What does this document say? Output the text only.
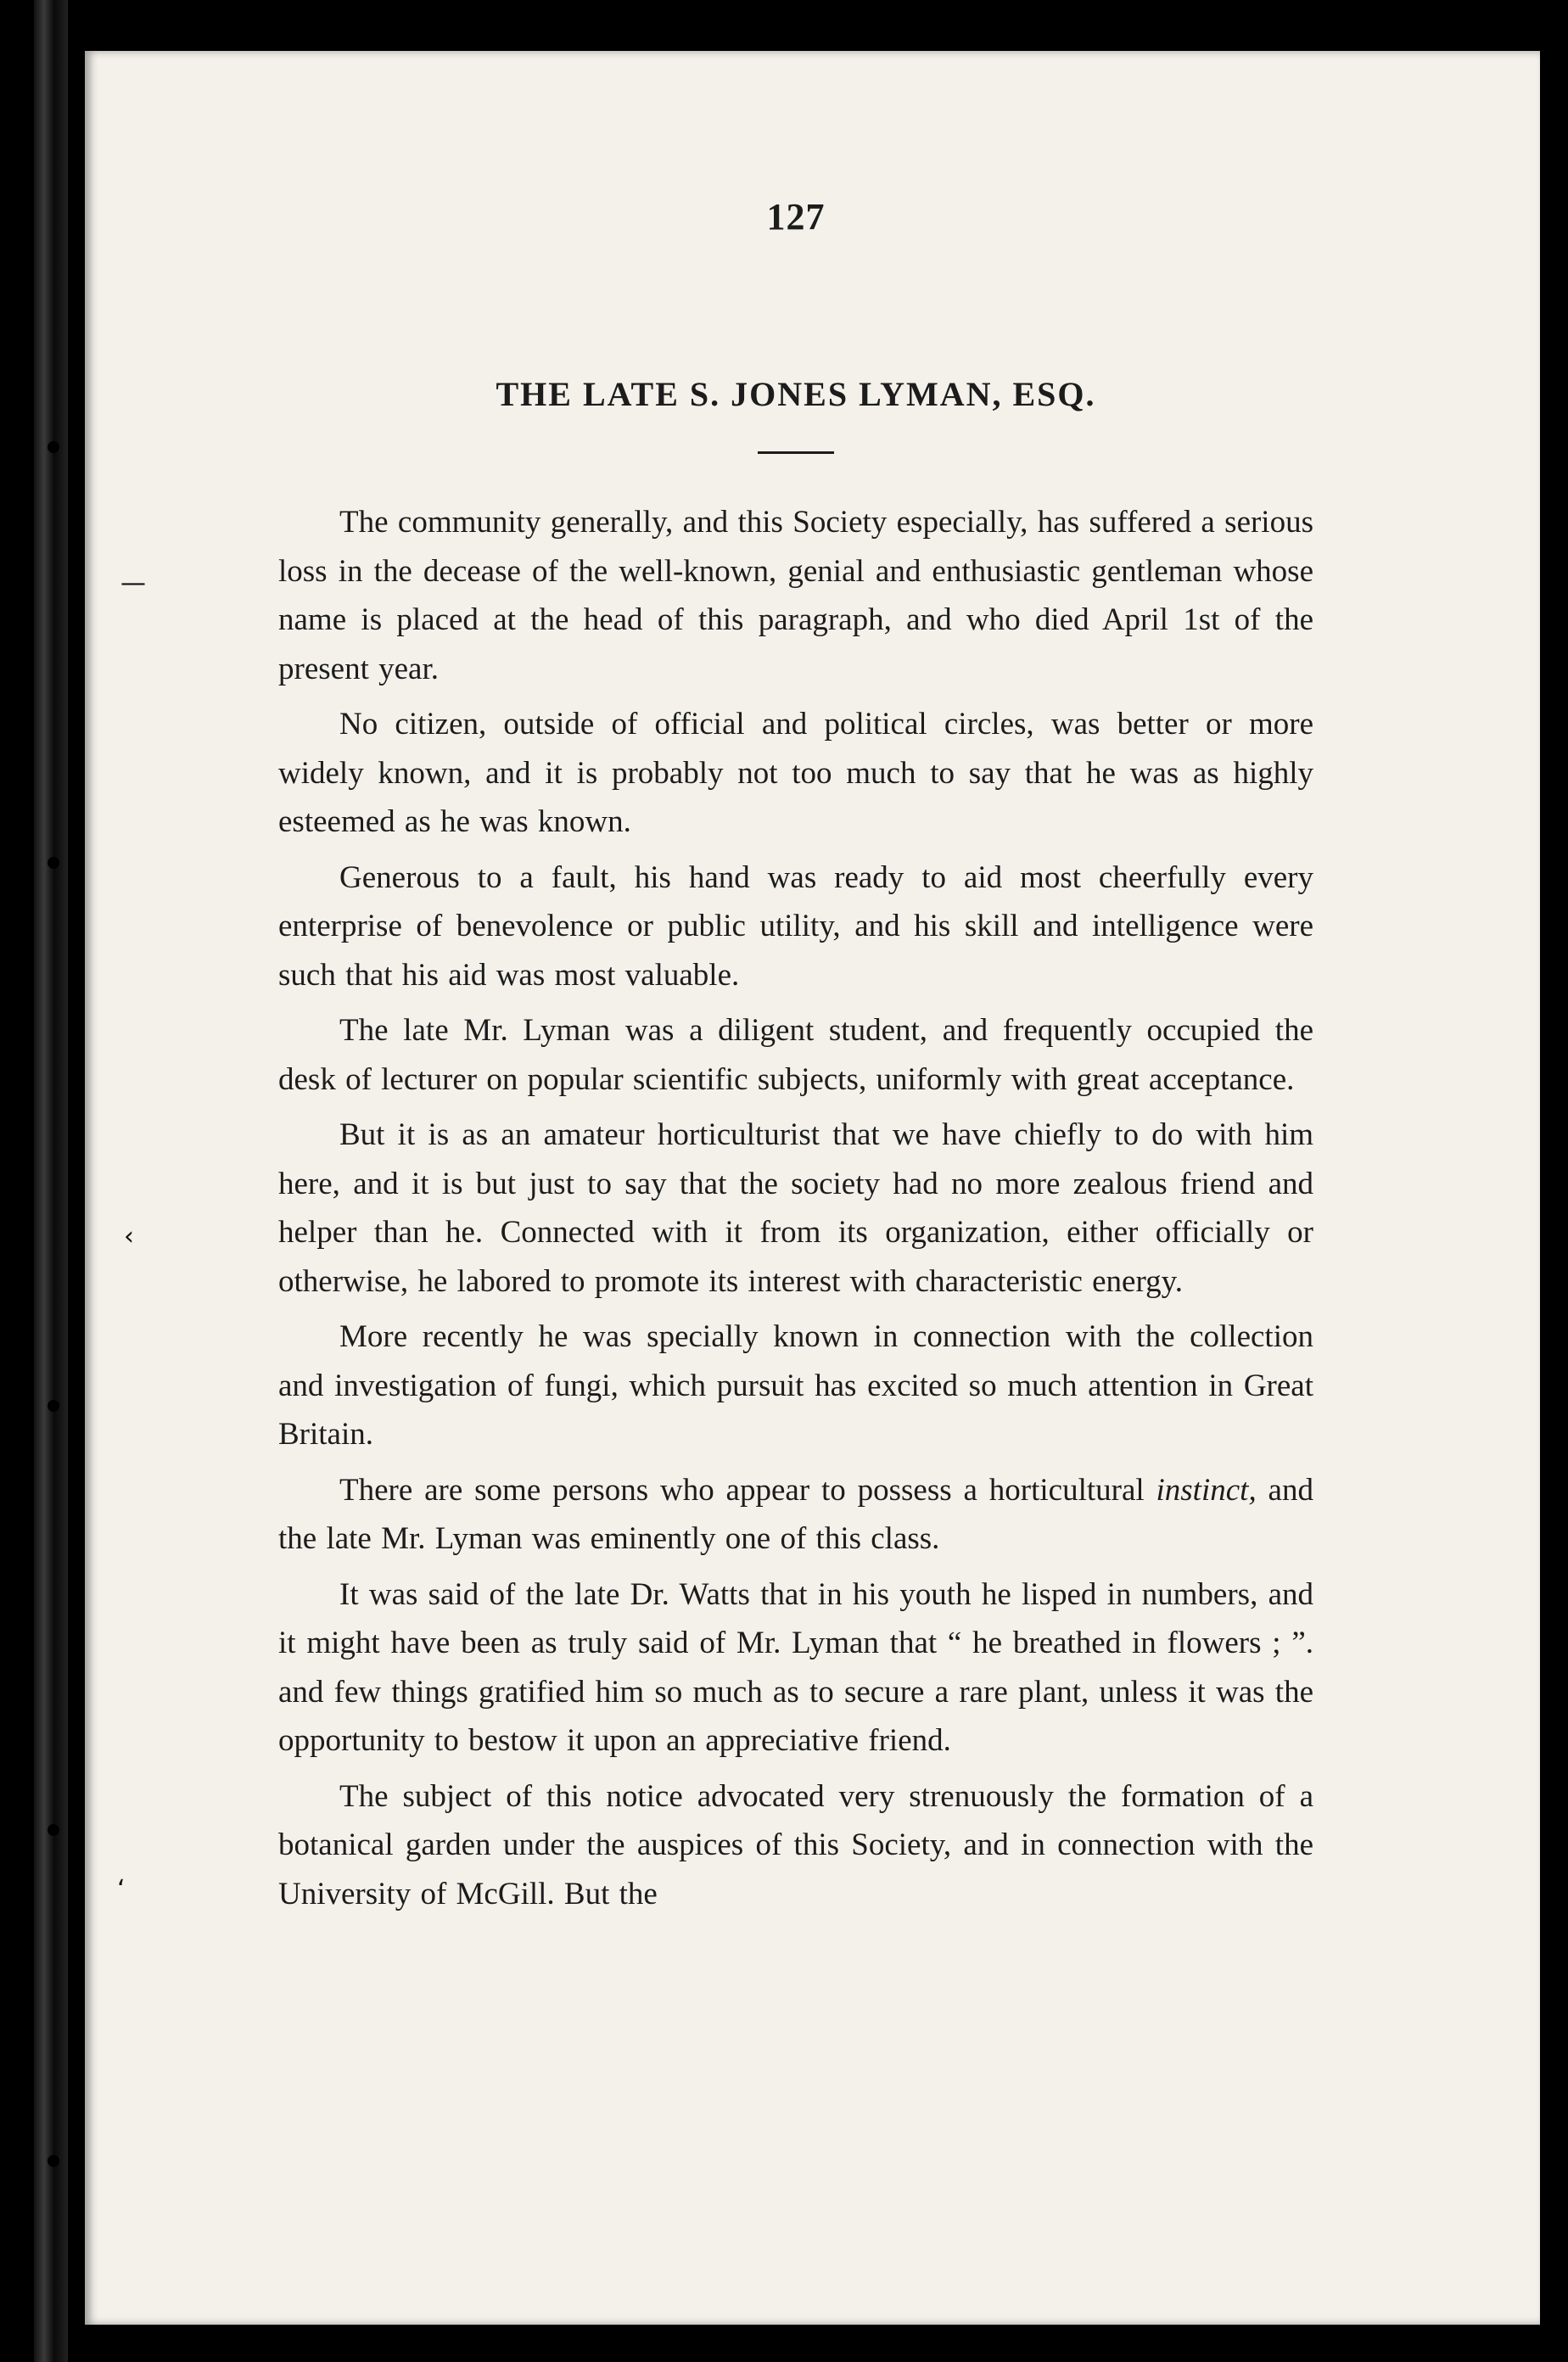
—
‹
‘
127
THE LATE S. JONES LYMAN, ESQ.

The community generally, and this Society especially, has suffered a serious loss in the decease of the well-known, genial and enthusiastic gentleman whose name is placed at the head of this paragraph, and who died April 1st of the present year.

No citizen, outside of official and political circles, was better or more widely known, and it is probably not too much to say that he was as highly esteemed as he was known.

Generous to a fault, his hand was ready to aid most cheerfully every enterprise of benevolence or public utility, and his skill and intelligence were such that his aid was most valuable.

The late Mr. Lyman was a diligent student, and frequently occupied the desk of lecturer on popular scientific subjects, uniformly with great acceptance.

But it is as an amateur horticulturist that we have chiefly to do with him here, and it is but just to say that the society had no more zealous friend and helper than he. Connected with it from its organization, either officially or otherwise, he labored to promote its interest with characteristic energy.

More recently he was specially known in connection with the collection and investigation of fungi, which pursuit has excited so much attention in Great Britain.

There are some persons who appear to possess a horticultural instinct, and the late Mr. Lyman was eminently one of this class.

It was said of the late Dr. Watts that in his youth he lisped in numbers, and it might have been as truly said of Mr. Lyman that “ he breathed in flowers ; ”. and few things gratified him so much as to secure a rare plant, unless it was the opportunity to bestow it upon an appreciative friend.

The subject of this notice advocated very strenuously the formation of a botanical garden under the auspices of this Society, and in connection with the University of McGill. But the
